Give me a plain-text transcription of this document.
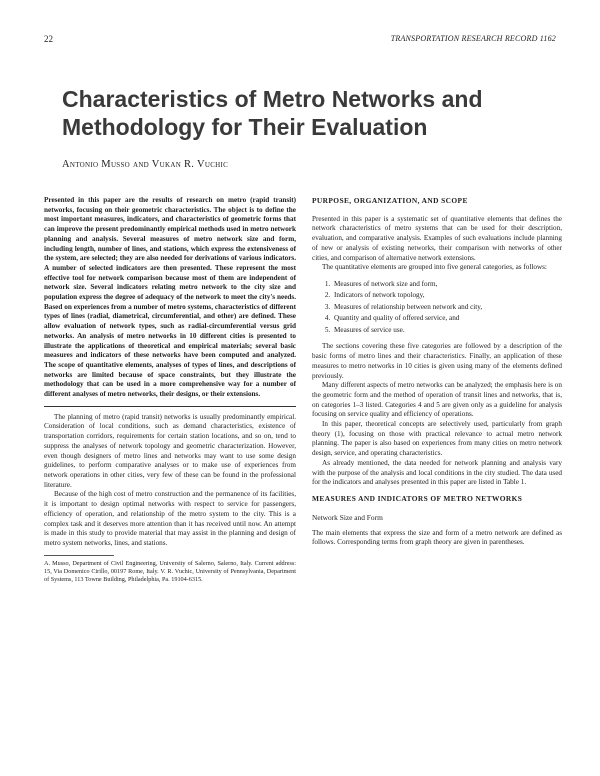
22	TRANSPORTATION RESEARCH RECORD 1162
Characteristics of Metro Networks and
Methodology for Their Evaluation
Antonio Musso and Vukan R. Vuchic

Presented in this paper are the results of research on metro (rapid transit) networks, focusing on their geometric characteristics. The object is to define the most important measures, indicators, and characteristics of geometric forms that can improve the present predominantly empirical methods used in metro network planning and analysis. Several measures of metro network size and form, including length, number of lines, and stations, which express the extensiveness of the system, are selected; they are also needed for derivations of various indicators. A number of selected indicators are then presented. These represent the most effective tool for network comparison because most of them are independent of network size. Several indicators relating metro network to the city size and population express the degree of adequacy of the network to meet the city's needs. Based on experiences from a number of metro systems, characteristics of different types of lines (radial, diametrical, circumferential, and other) are defined. These allow evaluation of network types, such as radial-circumferential versus grid networks. An analysis of metro networks in 10 different cities is presented to illustrate the applications of theoretical and empirical materials; several basic measures and indicators of these networks have been computed and analyzed. The scope of quantitative elements, analyses of types of lines, and descriptions of networks are limited because of space constraints, but they illustrate the methodology that can be used in a more comprehensive way for a number of different analyses of metro networks, their designs, or their extensions.

The planning of metro (rapid transit) networks is usually predominantly empirical. Consideration of local conditions, such as demand characteristics, existence of transportation corridors, requirements for certain station locations, and so on, tend to suppress the analyses of network topology and geometric characterization. However, even though designers of metro lines and networks may want to use some design guidelines, to perform comparative analyses or to make use of experiences from network operations in other cities, very few of these can be found in the professional literature.

Because of the high cost of metro construction and the permanence of its facilities, it is important to design optimal networks with respect to service for passengers, efficiency of operation, and relationship of the metro system to the city. This is a complex task and it deserves more attention than it has received until now. An attempt is made in this study to provide material that may assist in the planning and design of metro system networks, lines, and stations.

A. Musso, Department of Civil Engineering, University of Salerno, Salerno, Italy. Current address: 15, Via Domenico Cirillo, 00197 Rome, Italy. V. R. Vuchic, University of Pennsylvania, Department of Systems, 113 Towne Building, Philadelphia, Pa. 19104-6315.

PURPOSE, ORGANIZATION, AND SCOPE

Presented in this paper is a systematic set of quantitative elements that defines the network characteristics of metro systems that can be used for their description, evaluation, and comparative analysis. Examples of such evaluations include planning of new or analysis of existing networks, their comparison with networks of other cities, and comparison of alternative network extensions.

The quantitative elements are grouped into five general categories, as follows:

1. Measures of network size and form,
2. Indicators of network topology,
3. Measures of relationship between network and city,
4. Quantity and quality of offered service, and
5. Measures of service use.

The sections covering these five categories are followed by a description of the basic forms of metro lines and their characteristics. Finally, an application of these measures to metro networks in 10 cities is given using many of the elements defined previously.

Many different aspects of metro networks can be analyzed; the emphasis here is on the geometric form and the method of operation of transit lines and networks, that is, on categories 1–3 listed. Categories 4 and 5 are given only as a guideline for analysis focusing on service quality and efficiency of operations.

In this paper, theoretical concepts are selectively used, particularly from graph theory (1), focusing on those with practical relevance to actual metro network planning. The paper is also based on experiences from many cities on metro network design, service, and operating characteristics.

As already mentioned, the data needed for network planning and analysis vary with the purpose of the analysis and local conditions in the city studied. The data used for the indicators and analyses presented in this paper are listed in Table 1.

MEASURES AND INDICATORS OF METRO NETWORKS
Network Size and Form

The main elements that express the size and form of a metro network are defined as follows. Corresponding terms from graph theory are given in parentheses.
